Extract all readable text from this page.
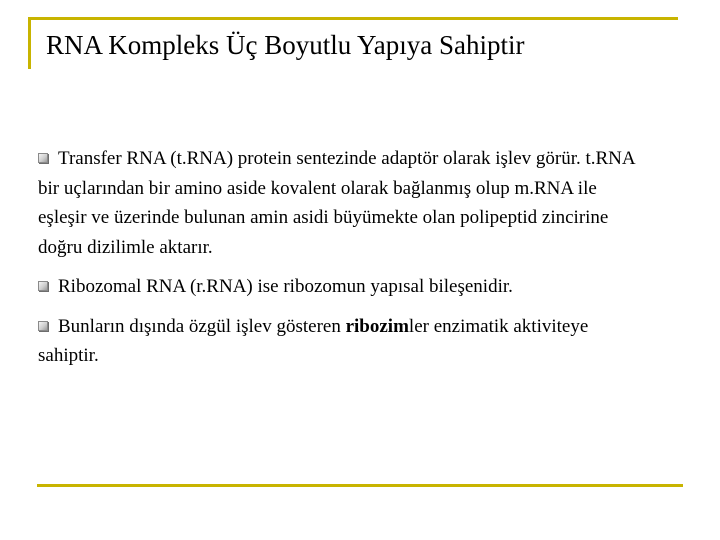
RNA Kompleks Üç Boyutlu Yapıya Sahiptir

Transfer RNA (t.RNA) protein sentezinde adaptör olarak işlev görür. t.RNA bir uçlarından bir amino aside kovalent olarak bağlanmış olup m.RNA ile eşleşir ve üzerinde bulunan amin asidi büyümekte olan polipeptid zincirine doğru dizilimle aktarır.

Ribozomal RNA (r.RNA) ise ribozomun yapısal bileşenidir.

Bunların dışında özgül işlev gösteren ribozimler enzimatik aktiviteye sahiptir.
